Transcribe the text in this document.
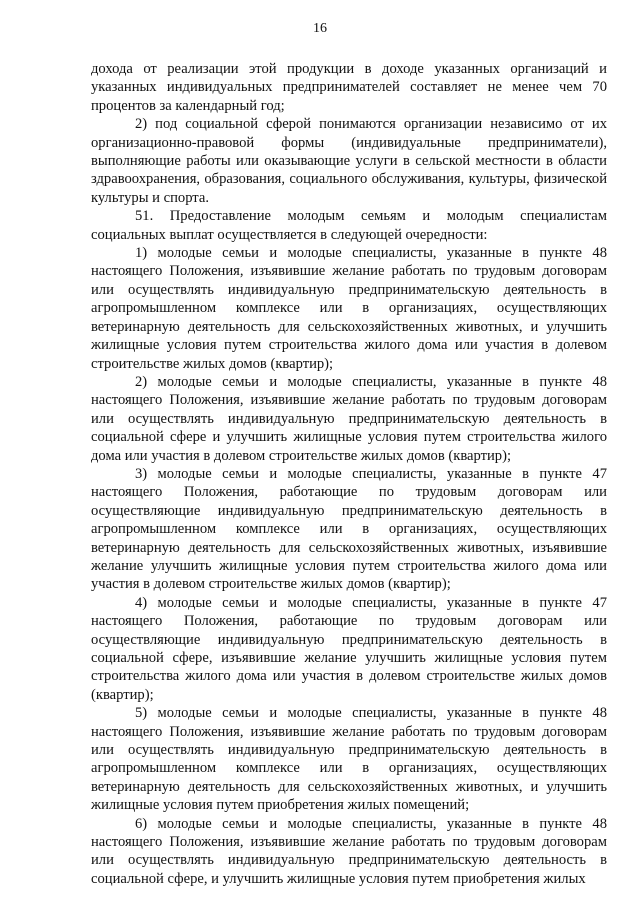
16

дохода от реализации этой продукции в доходе указанных организаций и указанных индивидуальных предпринимателей составляет не менее чем 70 процентов за календарный год;

2) под социальной сферой понимаются организации независимо от их организационно-правовой формы (индивидуальные предприниматели), выполняющие работы или оказывающие услуги в сельской местности в области здравоохранения, образования, социального обслуживания, культуры, физической культуры и спорта.

51. Предоставление молодым семьям и молодым специалистам социальных выплат осуществляется в следующей очередности:

1) молодые семьи и молодые специалисты, указанные в пункте 48 настоящего Положения, изъявившие желание работать по трудовым договорам или осуществлять индивидуальную предпринимательскую деятельность в агропромышленном комплексе или в организациях, осуществляющих ветеринарную деятельность для сельскохозяйственных животных, и улучшить жилищные условия путем строительства жилого дома или участия в долевом строительстве жилых домов (квартир);

2) молодые семьи и молодые специалисты, указанные в пункте 48 настоящего Положения, изъявившие желание работать по трудовым договорам или осуществлять индивидуальную предпринимательскую деятельность в социальной сфере и улучшить жилищные условия путем строительства жилого дома или участия в долевом строительстве жилых домов (квартир);

3) молодые семьи и молодые специалисты, указанные в пункте 47 настоящего Положения, работающие по трудовым договорам или осуществляющие индивидуальную предпринимательскую деятельность в агропромышленном комплексе или в организациях, осуществляющих ветеринарную деятельность для сельскохозяйственных животных, изъявившие желание улучшить жилищные условия путем строительства жилого дома или участия в долевом строительстве жилых домов (квартир);

4) молодые семьи и молодые специалисты, указанные в пункте 47 настоящего Положения, работающие по трудовым договорам или осуществляющие индивидуальную предпринимательскую деятельность в социальной сфере, изъявившие желание улучшить жилищные условия путем строительства жилого дома или участия в долевом строительстве жилых домов (квартир);

5) молодые семьи и молодые специалисты, указанные в пункте 48 настоящего Положения, изъявившие желание работать по трудовым договорам или осуществлять индивидуальную предпринимательскую деятельность в агропромышленном комплексе или в организациях, осуществляющих ветеринарную деятельность для сельскохозяйственных животных, и улучшить жилищные условия путем приобретения жилых помещений;

6) молодые семьи и молодые специалисты, указанные в пункте 48 настоящего Положения, изъявившие желание работать по трудовым договорам или осуществлять индивидуальную предпринимательскую деятельность в социальной сфере, и улучшить жилищные условия путем приобретения жилых
